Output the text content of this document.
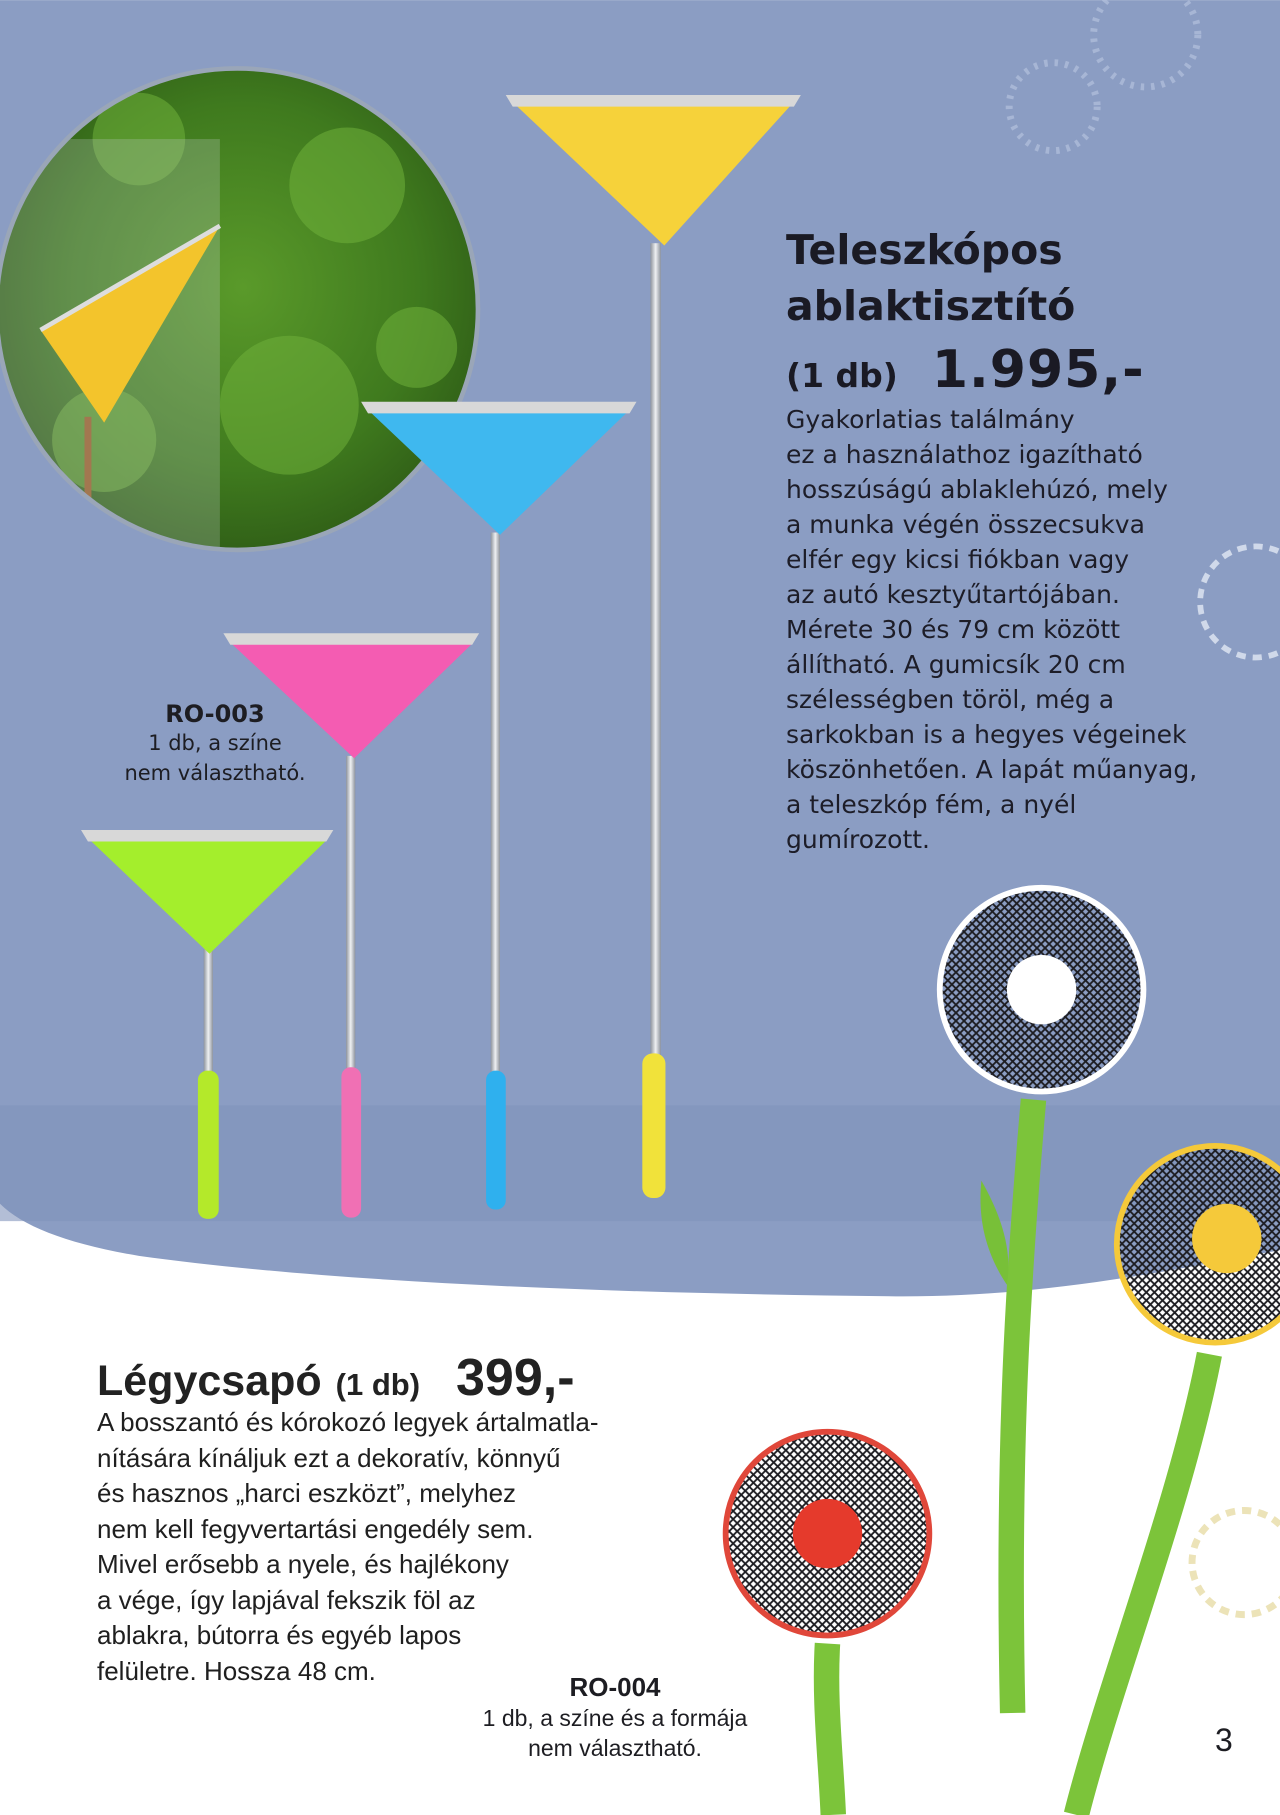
Teleszkópos
ablaktisztító
(1 db) 1.995,-
Gyakorlatias találmány
ez a használathoz igazítható
hosszúságú ablaklehúzó, mely
a munka végén összecsukva
elfér egy kicsi fiókban vagy
az autó kesztyűtartójában.
Mérete 30 és 79 cm között
állítható. A gumicsík 20 cm
szélességben töröl, még a
sarkokban is a hegyes végeinek
köszönhetően. A lapát műanyag,
a teleszkóp fém, a nyél
gumírozott.
RO-003
1 db, a színe
nem választható.
Légycsapó (1 db) 399,-
A bosszantó és kórokozó legyek ártalmatla-
nítására kínáljuk ezt a dekoratív, könnyű
és hasznos „harci eszközt”, melyhez
nem kell fegyvertartási engedély sem.
Mivel erősebb a nyele, és hajlékony
a vége, így lapjával fekszik föl az
ablakra, bútorra és egyéb lapos
felületre. Hossza 48 cm.
RO-004
1 db, a színe és a formája
nem választható.	3
